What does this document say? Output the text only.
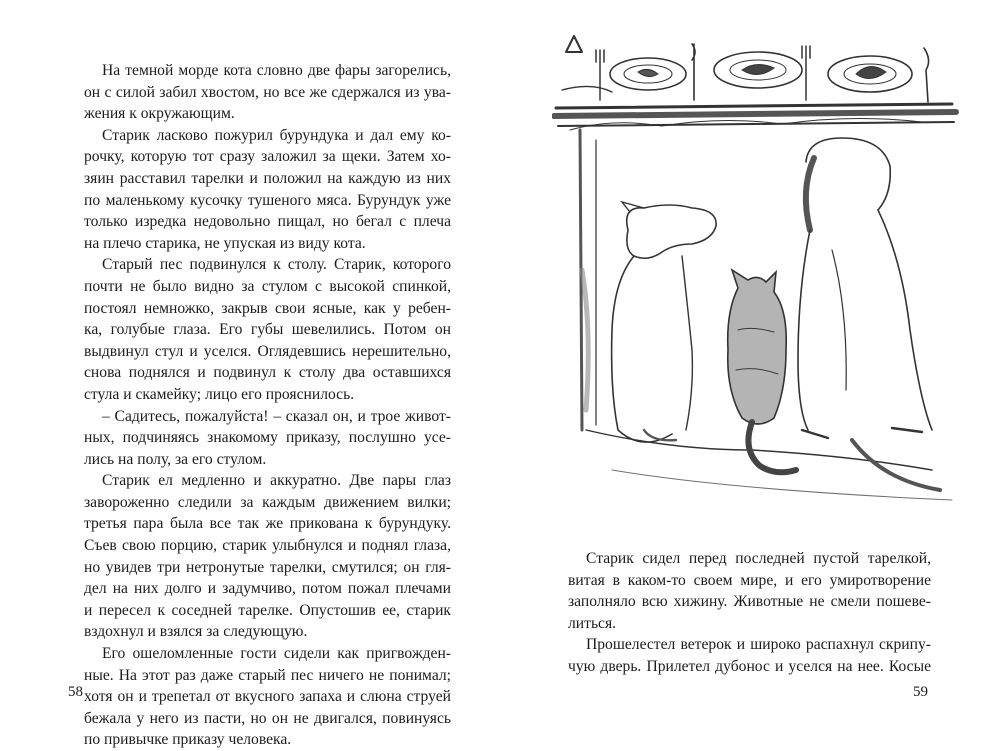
На темной морде кота словно две фары загорелись,
он с силой забил хвостом, но все же сдержался из ува-
жения к окружающим.

Старик ласково пожурил бурундука и дал ему ко-
рочку, которую тот сразу заложил за щеки. Затем хо-
зяин расставил тарелки и положил на каждую из них
по маленькому кусочку тушеного мяса. Бурундук уже
только изредка недовольно пищал, но бегал с плеча
на плечо старика, не упуская из виду кота.

Старый пес подвинулся к столу. Старик, которого
почти не было видно за стулом с высокой спинкой,
постоял немножко, закрыв свои ясные, как у ребен-
ка, голубые глаза. Его губы шевелились. Потом он
выдвинул стул и уселся. Оглядевшись нерешительно,
снова поднялся и подвинул к столу два оставшихся
стула и скамейку; лицо его прояснилось.

– Садитесь, пожалуйста! – сказал он, и трое живот-
ных, подчиняясь знакомому приказу, послушно усе-
лись на полу, за его стулом.

Старик ел медленно и аккуратно. Две пары глаз
завороженно следили за каждым движением вилки;
третья пара была все так же прикована к бурундуку.
Съев свою порцию, старик улыбнулся и поднял глаза,
но увидев три нетронутые тарелки, смутился; он гля-
дел на них долго и задумчиво, потом пожал плечами
и пересел к соседней тарелке. Опустошив ее, старик
вздохнул и взялся за следующую.

Его ошеломленные гости сидели как пригвожден-
ные. На этот раз даже старый пес ничего не понимал;
хотя он и трепетал от вкусного запаха и слюна струей
бежала у него из пасти, но он не двигался, повинуясь
по привычке приказу человека.

58

Старик сидел перед последней пустой тарелкой,
витая в каком-то своем мире, и его умиротворение
заполняло всю хижину. Животные не смели пошеве-
литься.

Прошелестел ветерок и широко распахнул скрипу-
чую дверь. Прилетел дубонос и уселся на нее. Косые

59
